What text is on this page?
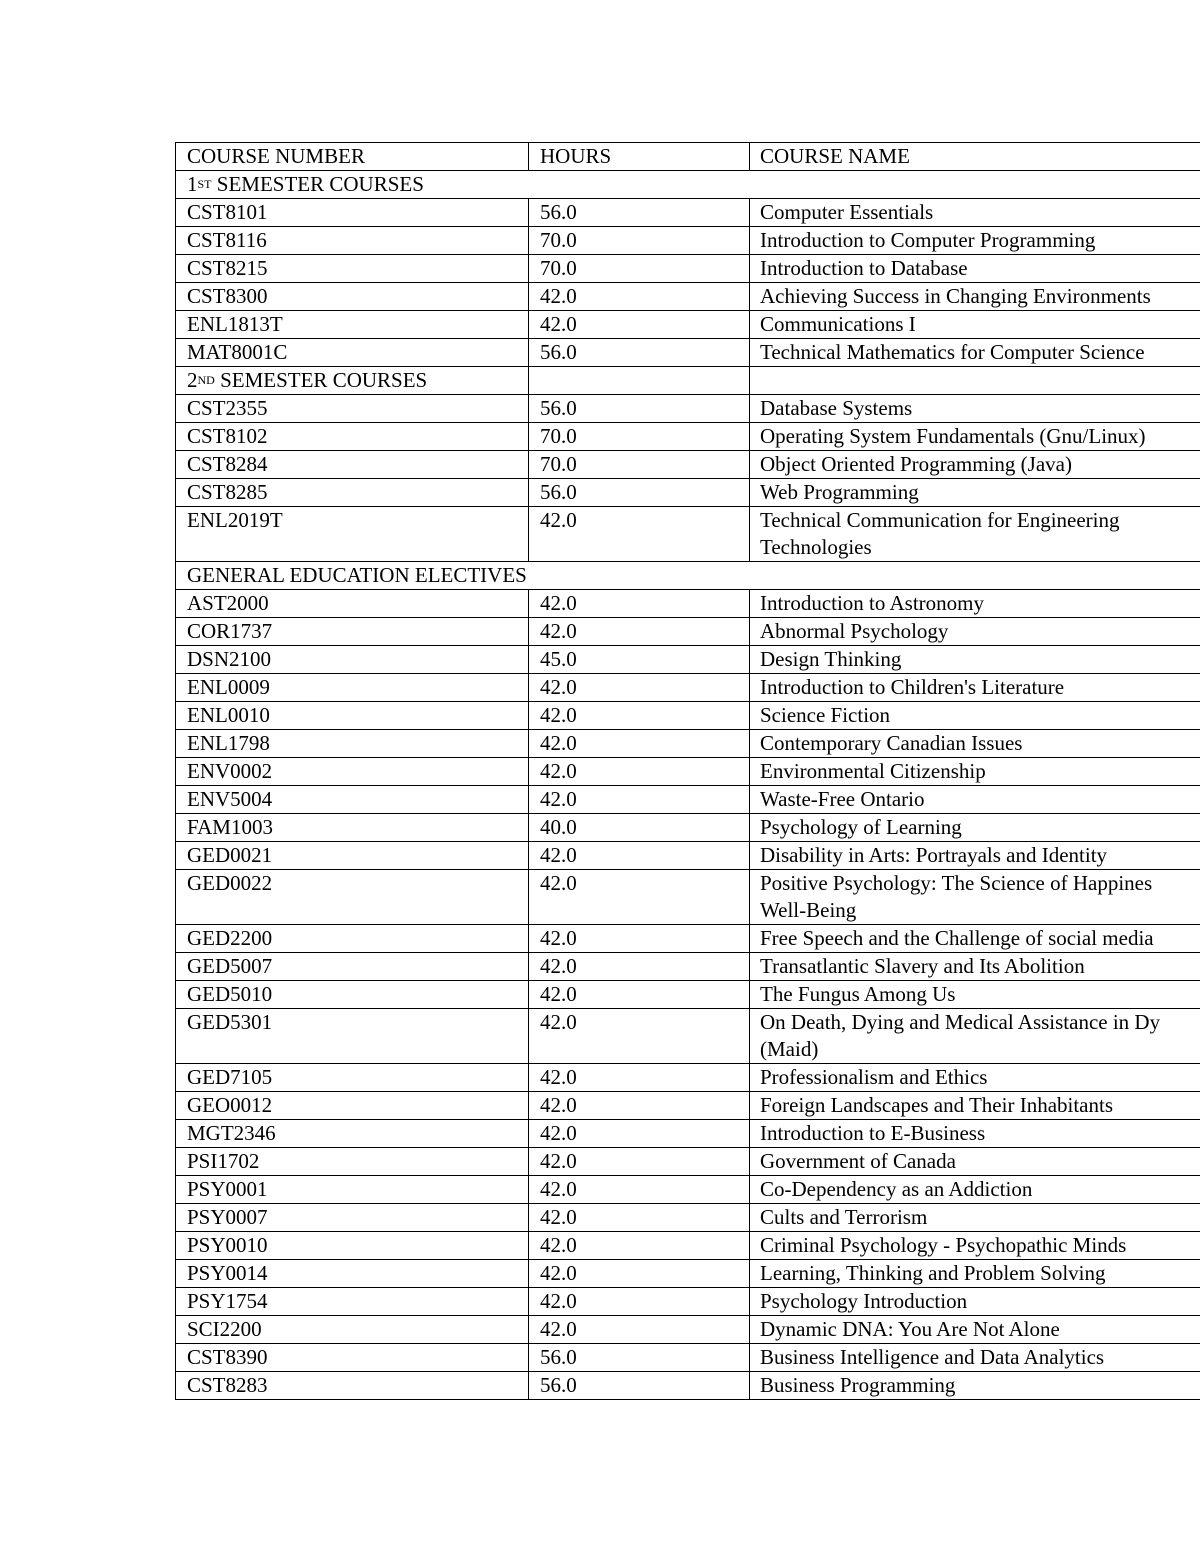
COURSE NUMBER	HOURS	COURSE NAME
1ST SEMESTER COURSES		
CST8101	56.0	Computer Essentials
CST8116	70.0	Introduction to Computer Programming
CST8215	70.0	Introduction to Database
CST8300	42.0	Achieving Success in Changing Environments
ENL1813T	42.0	Communications I
MAT8001C	56.0	Technical Mathematics for Computer Science
2ND SEMESTER COURSES		
CST2355	56.0	Database Systems
CST8102	70.0	Operating System Fundamentals (Gnu/Linux)
CST8284	70.0	Object Oriented Programming (Java)
CST8285	56.0	Web Programming
ENL2019T	42.0	Technical Communication for Engineering Technologies
GENERAL EDUCATION ELECTIVES		
AST2000	42.0	Introduction to Astronomy
COR1737	42.0	Abnormal Psychology
DSN2100	45.0	Design Thinking
ENL0009	42.0	Introduction to Children's Literature
ENL0010	42.0	Science Fiction
ENL1798	42.0	Contemporary Canadian Issues
ENV0002	42.0	Environmental Citizenship
ENV5004	42.0	Waste-Free Ontario
FAM1003	40.0	Psychology of Learning
GED0021	42.0	Disability in Arts: Portrayals and Identity
GED0022	42.0	Positive Psychology: The Science of Happines
Well-Being

GED2200	42.0	Free Speech and the Challenge of social media
GED5007	42.0	Transatlantic Slavery and Its Abolition
GED5010	42.0	The Fungus Among Us
GED5301	42.0	On Death, Dying and Medical Assistance in Dy
(Maid)

GED7105	42.0	Professionalism and Ethics
GEO0012	42.0	Foreign Landscapes and Their Inhabitants
MGT2346	42.0	Introduction to E-Business
PSI1702	42.0	Government of Canada
PSY0001	42.0	Co-Dependency as an Addiction
PSY0007	42.0	Cults and Terrorism
PSY0010	42.0	Criminal Psychology - Psychopathic Minds
PSY0014	42.0	Learning, Thinking and Problem Solving
PSY1754	42.0	Psychology Introduction
SCI2200	42.0	Dynamic DNA: You Are Not Alone
CST8390	56.0	Business Intelligence and Data Analytics
CST8283	56.0	Business Programming
